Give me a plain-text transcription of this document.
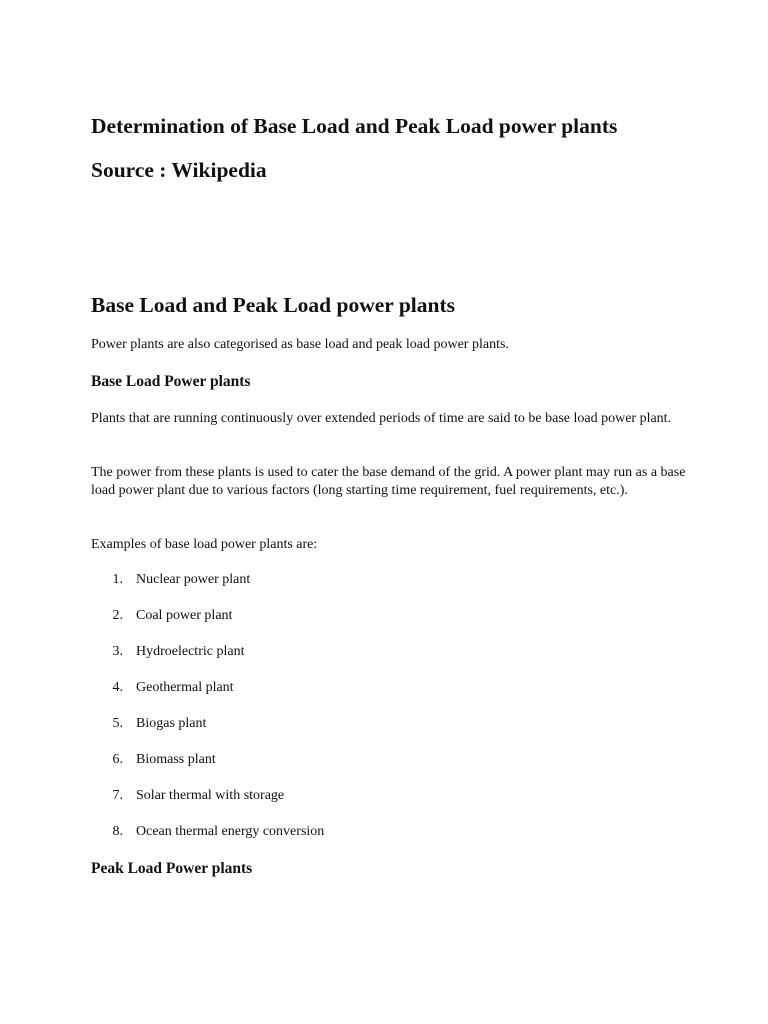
Determination of Base Load and Peak Load power plants
Source : Wikipedia
Base Load and Peak Load power plants

Power plants are also categorised as base load and peak load power plants.

Base Load Power plants

Plants that are running continuously over extended periods of time are said to be base load power plant.

The power from these plants is used to cater the base demand of the grid. A power plant may run as a base load power plant due to various factors (long starting time requirement, fuel requirements, etc.).

Examples of base load power plants are:

1. Nuclear power plant
2. Coal power plant
3. Hydroelectric plant
4. Geothermal plant
5. Biogas plant
6. Biomass plant
7. Solar thermal with storage
8. Ocean thermal energy conversion
Peak Load Power plants
